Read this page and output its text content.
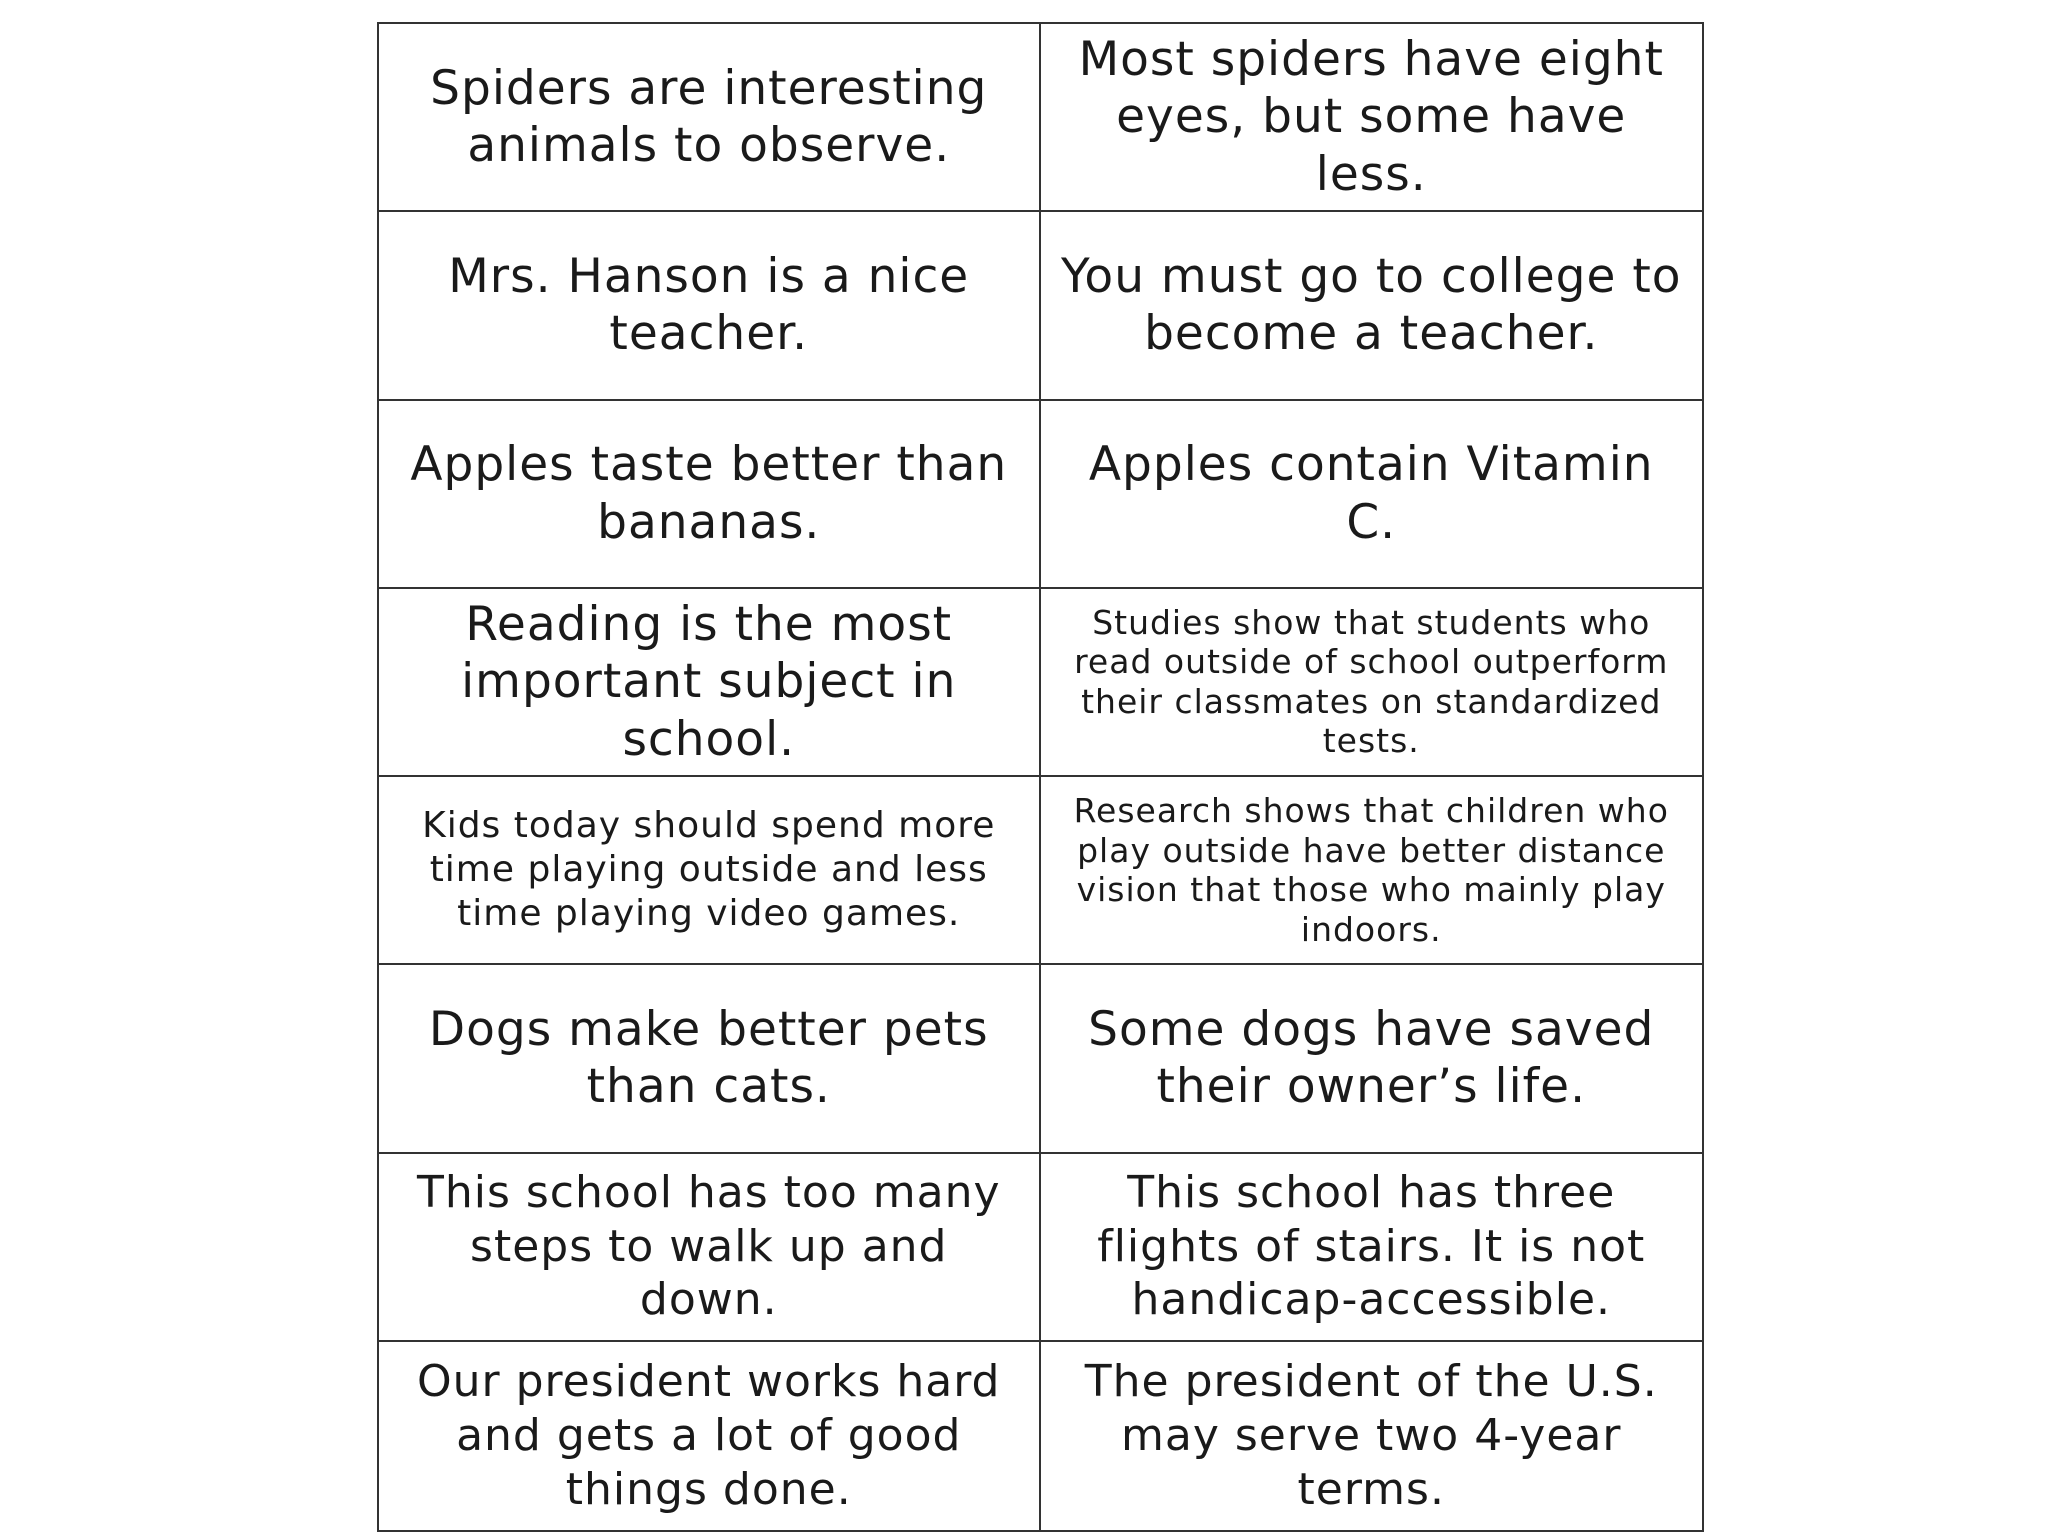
Spiders are interesting animals to observe.
Most spiders have eight eyes, but some have less.
Mrs. Hanson is a nice teacher.
You must go to college to become a teacher.
Apples taste better than bananas.
Apples contain Vitamin C.
Reading is the most important subject in school.
Studies show that students who read outside of school outperform their classmates on standardized tests.
Kids today should spend more time playing outside and less time playing video games.
Research shows that children who play outside have better distance vision that those who mainly play indoors.
Dogs make better pets than cats.
Some dogs have saved their owner’s life.
This school has too many steps to walk up and down.
This school has three flights of stairs. It is not handicap-accessible.
Our president works hard and gets a lot of good things done.
The president of the U.S. may serve two 4-year terms.
